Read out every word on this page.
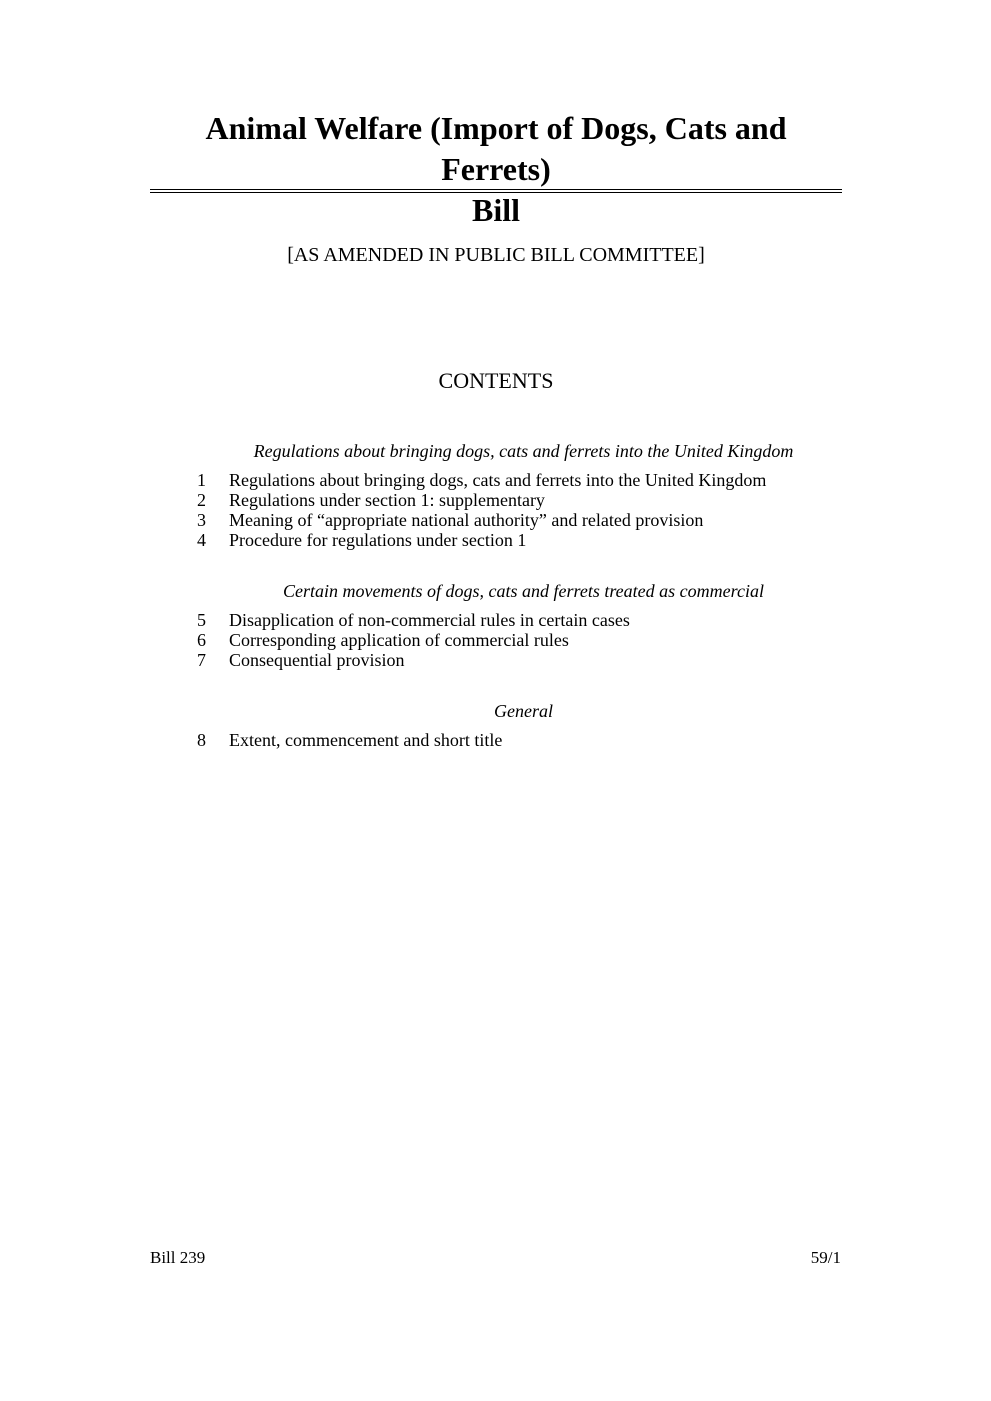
Animal Welfare (Import of Dogs, Cats and Ferrets)
Bill
[AS AMENDED IN PUBLIC BILL COMMITTEE]
CONTENTS
Regulations about bringing dogs, cats and ferrets into the United Kingdom
1	Regulations about bringing dogs, cats and ferrets into the United Kingdom
2	Regulations under section 1: supplementary
3	Meaning of “appropriate national authority” and related provision
4	Procedure for regulations under section 1
Certain movements of dogs, cats and ferrets treated as commercial
5	Disapplication of non-commercial rules in certain cases
6	Corresponding application of commercial rules
7	Consequential provision
General
8	Extent, commencement and short title
Bill 239	59/1
